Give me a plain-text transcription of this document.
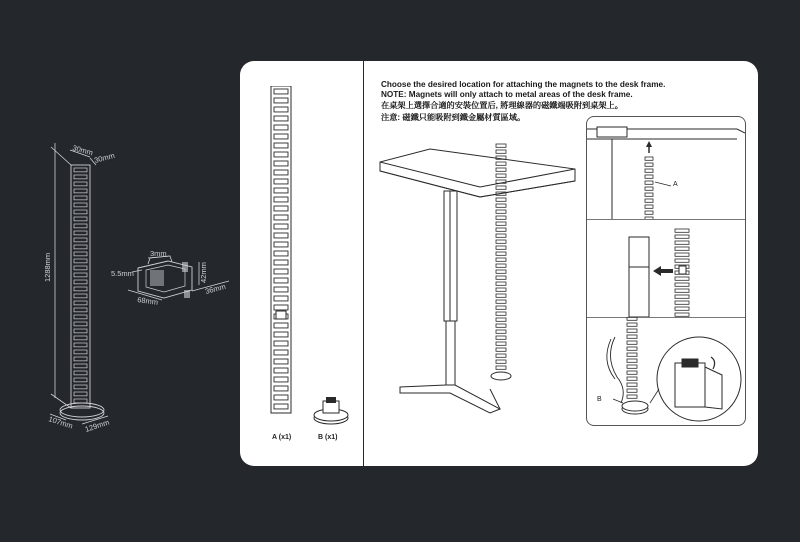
1288mm
30mm
30mm
107mm 129mm
3mm
5.5mm
68mm
42mm
36mm
A (x1)	B (x1)
Choose the desired location for attaching the magnets to the desk frame.
NOTE: Magnets will only attach to metal areas of the desk frame.
在桌架上選擇合適的安裝位置后, 將理線器的磁鐵端吸附到桌架上。
注意: 磁鐵只能吸附到鐵金屬材質區域。
A
B
